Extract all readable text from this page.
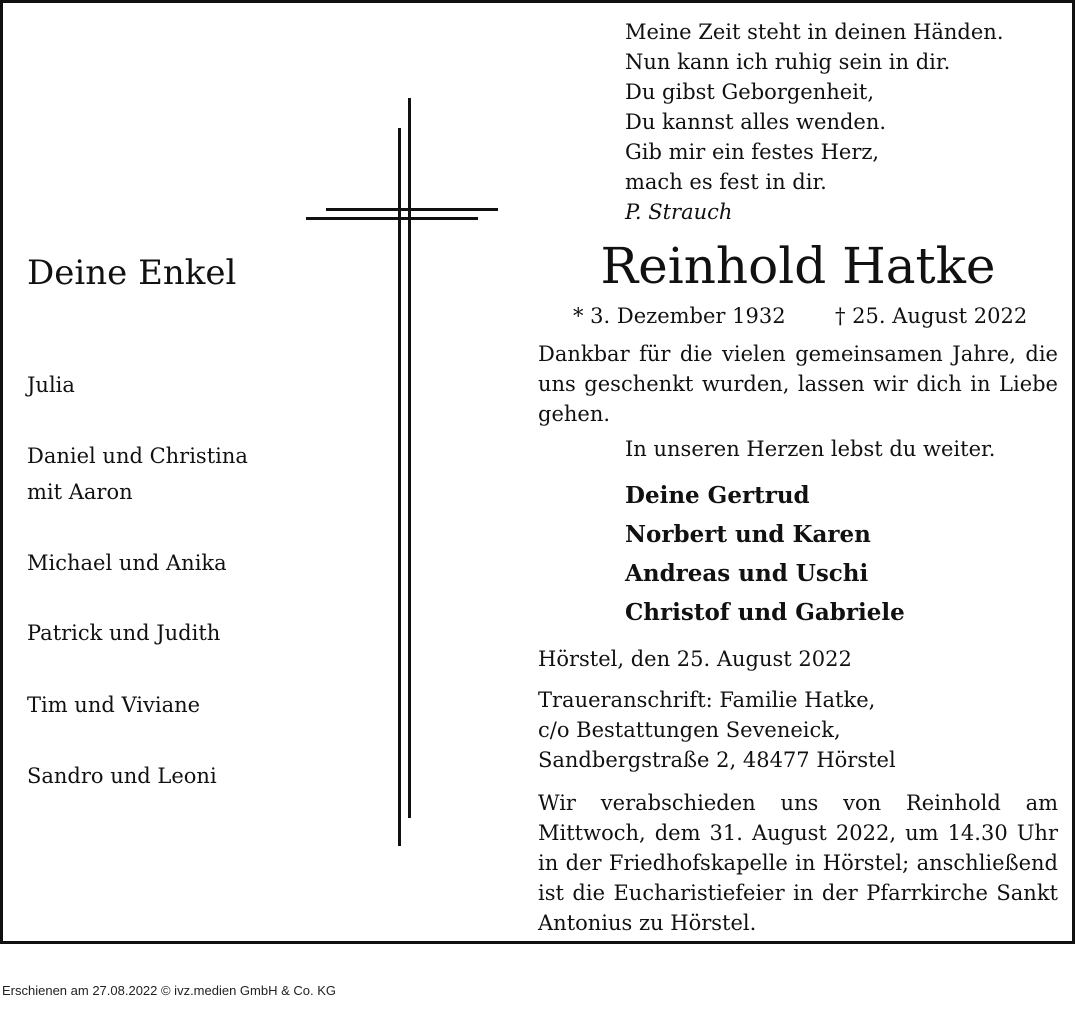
Meine Zeit steht in deinen Händen.
Nun kann ich ruhig sein in dir.
Du gibst Geborgenheit,
Du kannst alles wenden.
Gib mir ein festes Herz,
mach es fest in dir.
P. Strauch
Deine Enkel
Julia
Daniel und Christina
mit Aaron
Michael und Anika
Patrick und Judith
Tim und Viviane
Sandro und Leoni
Reinhold Hatke
* 3. Dezember 1932 † 25. August 2022
Dankbar für die vielen gemeinsamen Jahre, die uns geschenkt wurden, lassen wir dich in Liebe gehen.
In unseren Herzen lebst du weiter.
Deine Gertrud
Norbert und Karen
Andreas und Uschi
Christof und Gabriele
Hörstel, den 25. August 2022
Traueranschrift: Familie Hatke,
c/o Bestattungen Seveneick,
Sandbergstraße 2, 48477 Hörstel
Wir verabschieden uns von Reinhold am Mittwoch, dem 31. August 2022, um 14.30 Uhr in der Friedhofskapelle in Hörstel; anschließend ist die Eucharistiefeier in der Pfarrkirche Sankt Antonius zu Hörstel.
Erschienen am 27.08.2022 © ivz.medien GmbH & Co. KG
